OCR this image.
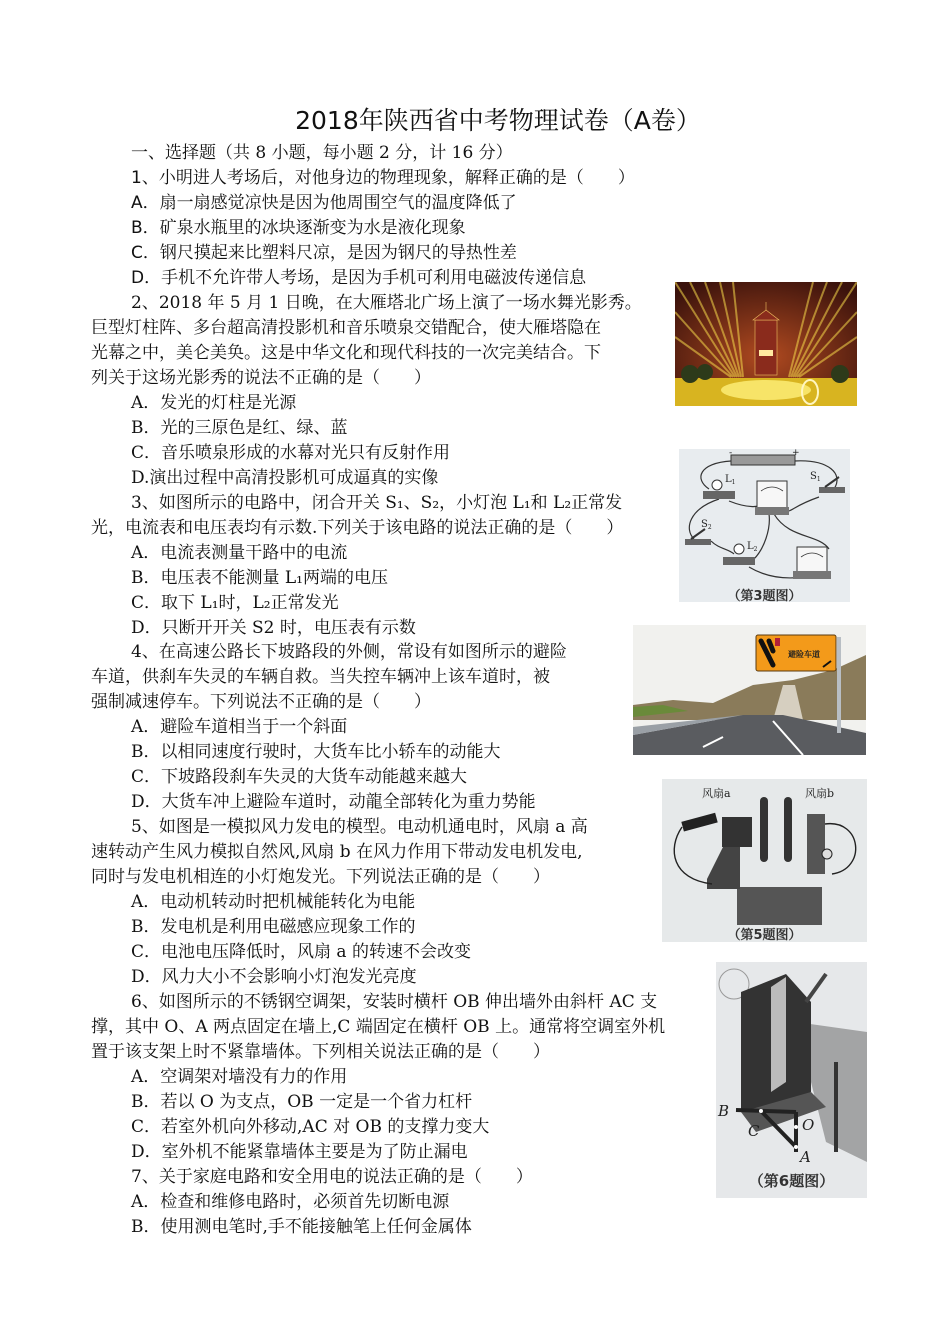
2018年陕西省中考物理试卷（A卷）
一、选择题（共 8 小题，每小题 2 分，计 16 分）
1、小明进人考场后，对他身边的物理现象，解释正确的是（　　）
A．扇一扇感觉凉快是因为他周围空气的温度降低了
B．矿泉水瓶里的冰块逐渐变为水是液化现象
C．钢尺摸起来比塑料尺凉，是因为钢尺的导热性差
D．手机不允许带人考场，是因为手机可利用电磁波传递信息
2、2018 年 5 月 1 日晚，在大雁塔北广场上演了一场水舞光影秀。
巨型灯柱阵、多台超高清投影机和音乐喷泉交错配合，使大雁塔隐在
光幕之中，美仑美奂。这是中华文化和现代科技的一次完美结合。下
列关于这场光影秀的说法不正确的是（　　）
A．发光的灯柱是光源
B．光的三原色是红、绿、蓝
C．音乐喷泉形成的水幕对光只有反射作用
D.演出过程中高清投影机可成逼真的实像
3、如图所示的电路中，闭合开关 S₁、S₂，小灯泡 L₁和 L₂正常发
光，电流表和电压表均有示数.下列关于该电路的说法正确的是（　　）
A．电流表测量干路中的电流
B．电压表不能测量 L₁两端的电压
C．取下 L₁时，L₂正常发光
D．只断开开关 S2 时，电压表有示数
-	+
$L_1$
$S_1$
$S_2$
$L_2$
（第3题图）
4、在高速公路长下坡路段的外侧，常设有如图所示的避险
车道，供刹车失灵的车辆自救。当失控车辆冲上该车道时，被
强制减速停车。下列说法不正确的是（　　）
A．避险车道相当于一个斜面
B．以相同速度行驶时，大货车比小轿车的动能大
C．下坡路段刹车失灵的大货车动能越来越大
D．大货车冲上避险车道时，动龍全部转化为重力势能
避险车道
5、如图是一模拟风力发电的模型。电动机通电时，风扇 a 高
速转动产生风力模拟自然风,风扇 b 在风力作用下带动发电机发电,
同时与发电机相连的小灯炮发光。下列说法正确的是（　　）
A．电动机转动时把机械能转化为电能
B．发电机是利用电磁感应现象工作的
C．电池电压降低时，风扇 a 的转速不会改变
D．风力大小不会影响小灯泡发光亮度
风扇a	风扇b
（第5题图）
6、如图所示的不锈钢空调架，安装时横杆 OB 伸出墙外由斜杆 AC 支
撑，其中 O、A 两点固定在墙上,C 端固定在横杆 OB 上。通常将空调室外机
置于该支架上时不紧靠墙体。下列相关说法正确的是（　　）
A．空调架对墙没有力的作用
B．若以 O 为支点，OB 一定是一个省力杠杆
C．若室外机向外移动,AC 对 OB 的支撑力变大
D．室外机不能紧靠墙体主要是为了防止漏电
B
C	O
A
（第6题图）
7、关于家庭电路和安全用电的说法正确的是（　　）
A．检查和维修电路时，必须首先切断电源
B．使用测电笔时,手不能接触笔上任何金属体
